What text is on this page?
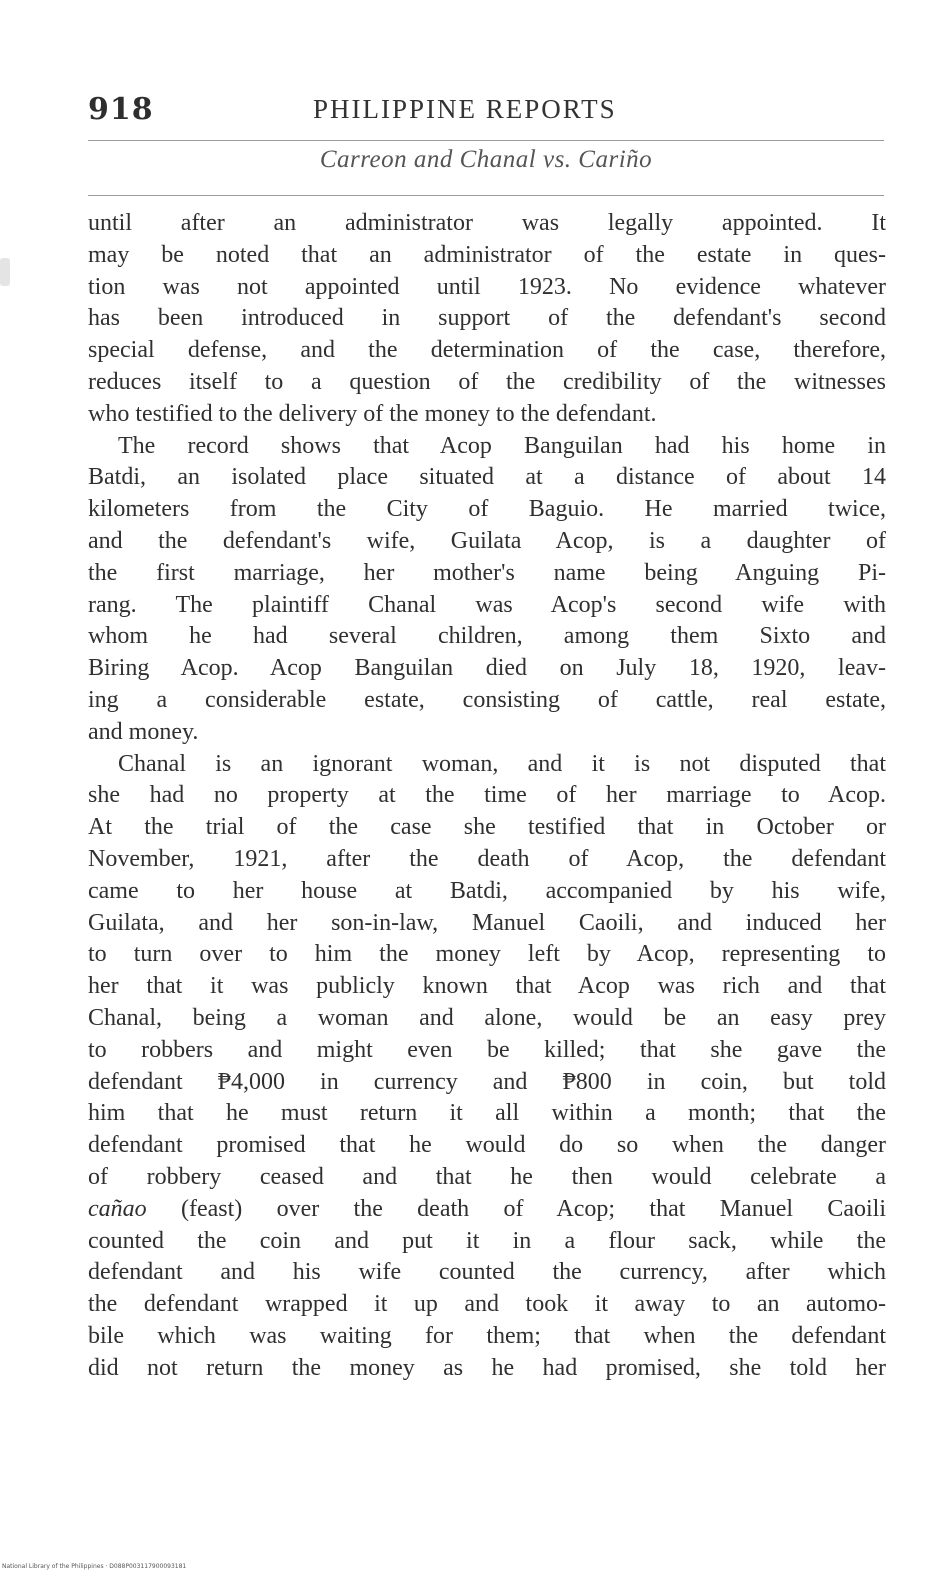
918	PHILIPPINE REPORTS
Carreon and Chanal vs. Cariño
until after an administrator was legally appointed. It
may be noted that an administrator of the estate in ques-
tion was not appointed until 1923. No evidence whatever
has been introduced in support of the defendant's second
special defense, and the determination of the case, therefore,
reduces itself to a question of the credibility of the witnesses
who testified to the delivery of the money to the defendant.
The record shows that Acop Banguilan had his home in
Batdi, an isolated place situated at a distance of about 14
kilometers from the City of Baguio. He married twice,
and the defendant's wife, Guilata Acop, is a daughter of
the first marriage, her mother's name being Anguing Pi-
rang. The plaintiff Chanal was Acop's second wife with
whom he had several children, among them Sixto and
Biring Acop. Acop Banguilan died on July 18, 1920, leav-
ing a considerable estate, consisting of cattle, real estate,
and money.
Chanal is an ignorant woman, and it is not disputed that
she had no property at the time of her marriage to Acop.
At the trial of the case she testified that in October or
November, 1921, after the death of Acop, the defendant
came to her house at Batdi, accompanied by his wife,
Guilata, and her son-in-law, Manuel Caoili, and induced her
to turn over to him the money left by Acop, representing to
her that it was publicly known that Acop was rich and that
Chanal, being a woman and alone, would be an easy prey
to robbers and might even be killed; that she gave the
defendant ₱4,000 in currency and ₱800 in coin, but told
him that he must return it all within a month; that the
defendant promised that he would do so when the danger
of robbery ceased and that he then would celebrate a
cañao (feast) over the death of Acop; that Manuel Caoili
counted the coin and put it in a flour sack, while the
defendant and his wife counted the currency, after which
the defendant wrapped it up and took it away to an automo-
bile which was waiting for them; that when the defendant
did not return the money as he had promised, she told her
National Library of the Philippines · D088P003117900093181
